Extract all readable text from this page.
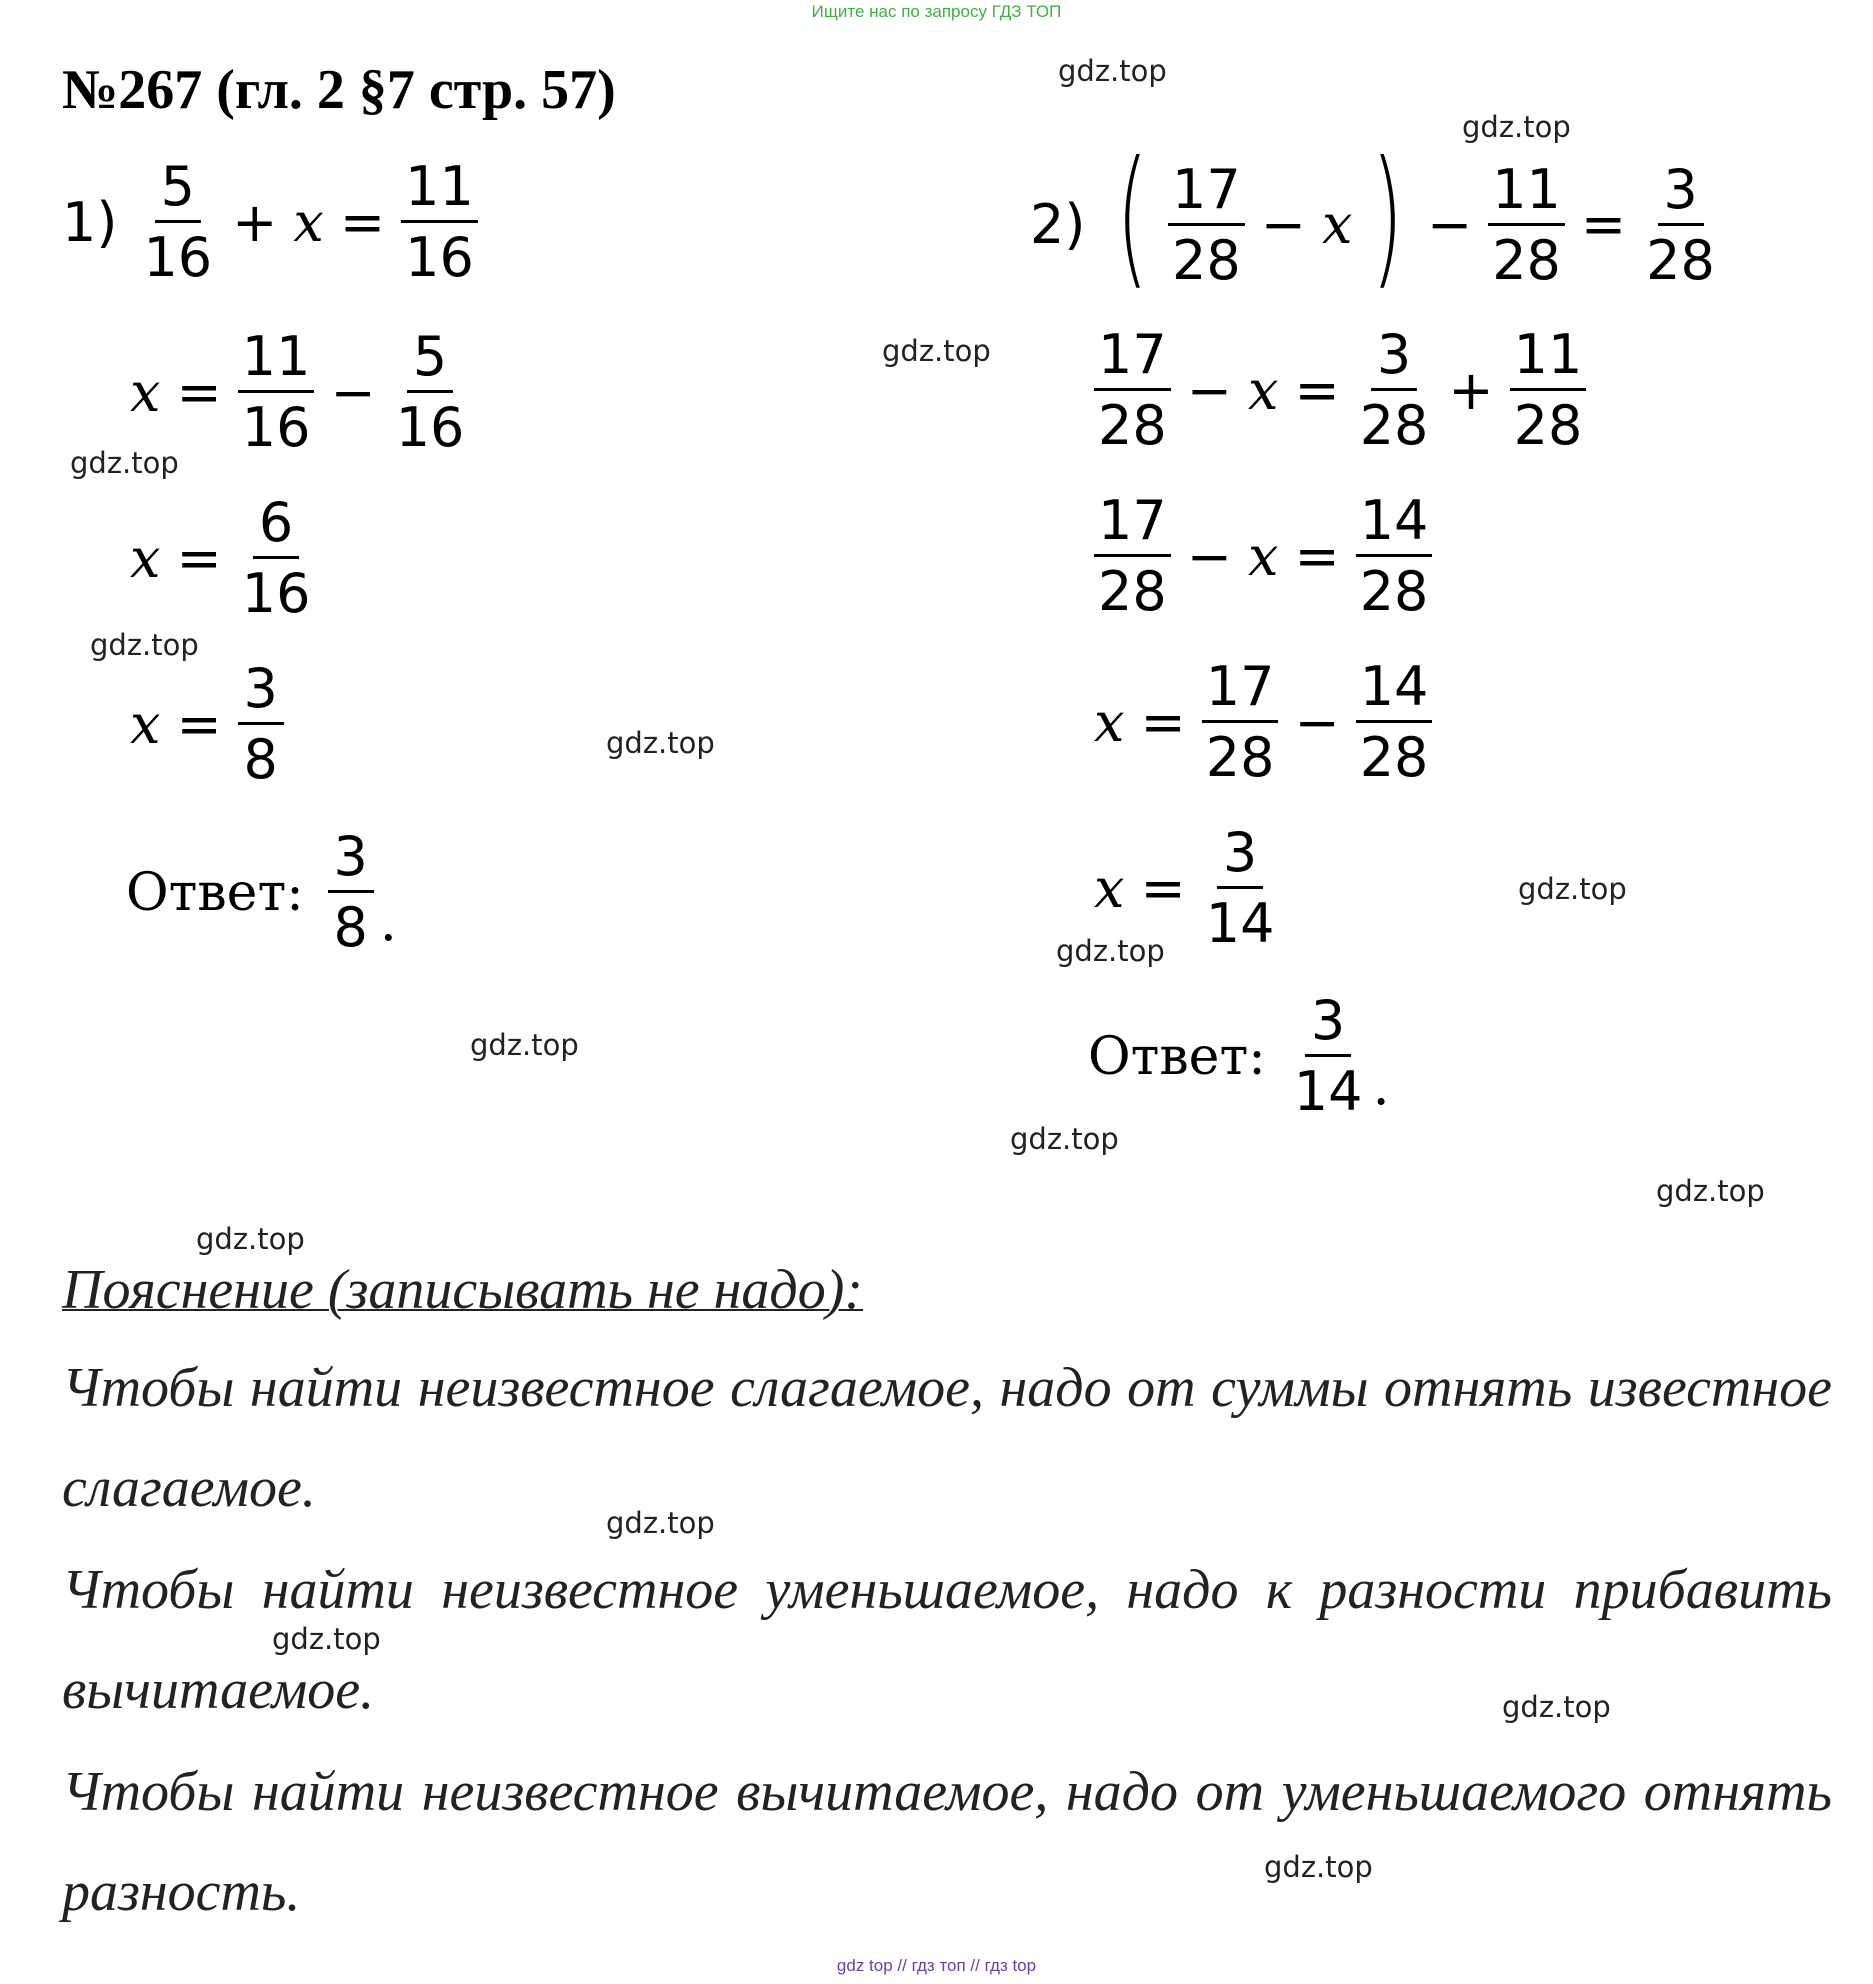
Ищите нас по запросу ГДЗ ТОП
№267 (гл. 2 §7 стр. 57)	gdz.top
gdz.top
gdz.top
gdz.top
gdz.top
gdz.top
gdz.top
gdz.top
gdz.top
gdz.top
gdz.top
gdz.top
gdz.top
gdz.top
gdz.top
gdz.top
$1) \frac{5}{16} + x = \frac{11}{16}$
$x = \frac{11}{16} - \frac{5}{16}$
$x = \frac{6}{16}$
$x = \frac{3}{8}$
Ответ: $\frac{3}{8}$ .
2) ( $\frac{17}{28} - x$ ) − $\frac{11}{28} = \frac{3}{28}$
$\frac{17}{28} - x = \frac{3}{28} + \frac{11}{28}$
$\frac{17}{28} - x = \frac{14}{28}$
$x = \frac{17}{28} - \frac{14}{28}$
$x = \frac{3}{14}$
Ответ: $\frac{3}{14}$ .
Пояснение (записывать не надо):
Чтобы найти неизвестное слагаемое, надо от суммы отнять известное слагаемое.
Чтобы найти неизвестное уменьшаемое, надо к разности прибавить вычитаемое.
Чтобы найти неизвестное вычитаемое, надо от уменьшаемого отнять разность.
gdz top // гдз топ // гдз top
